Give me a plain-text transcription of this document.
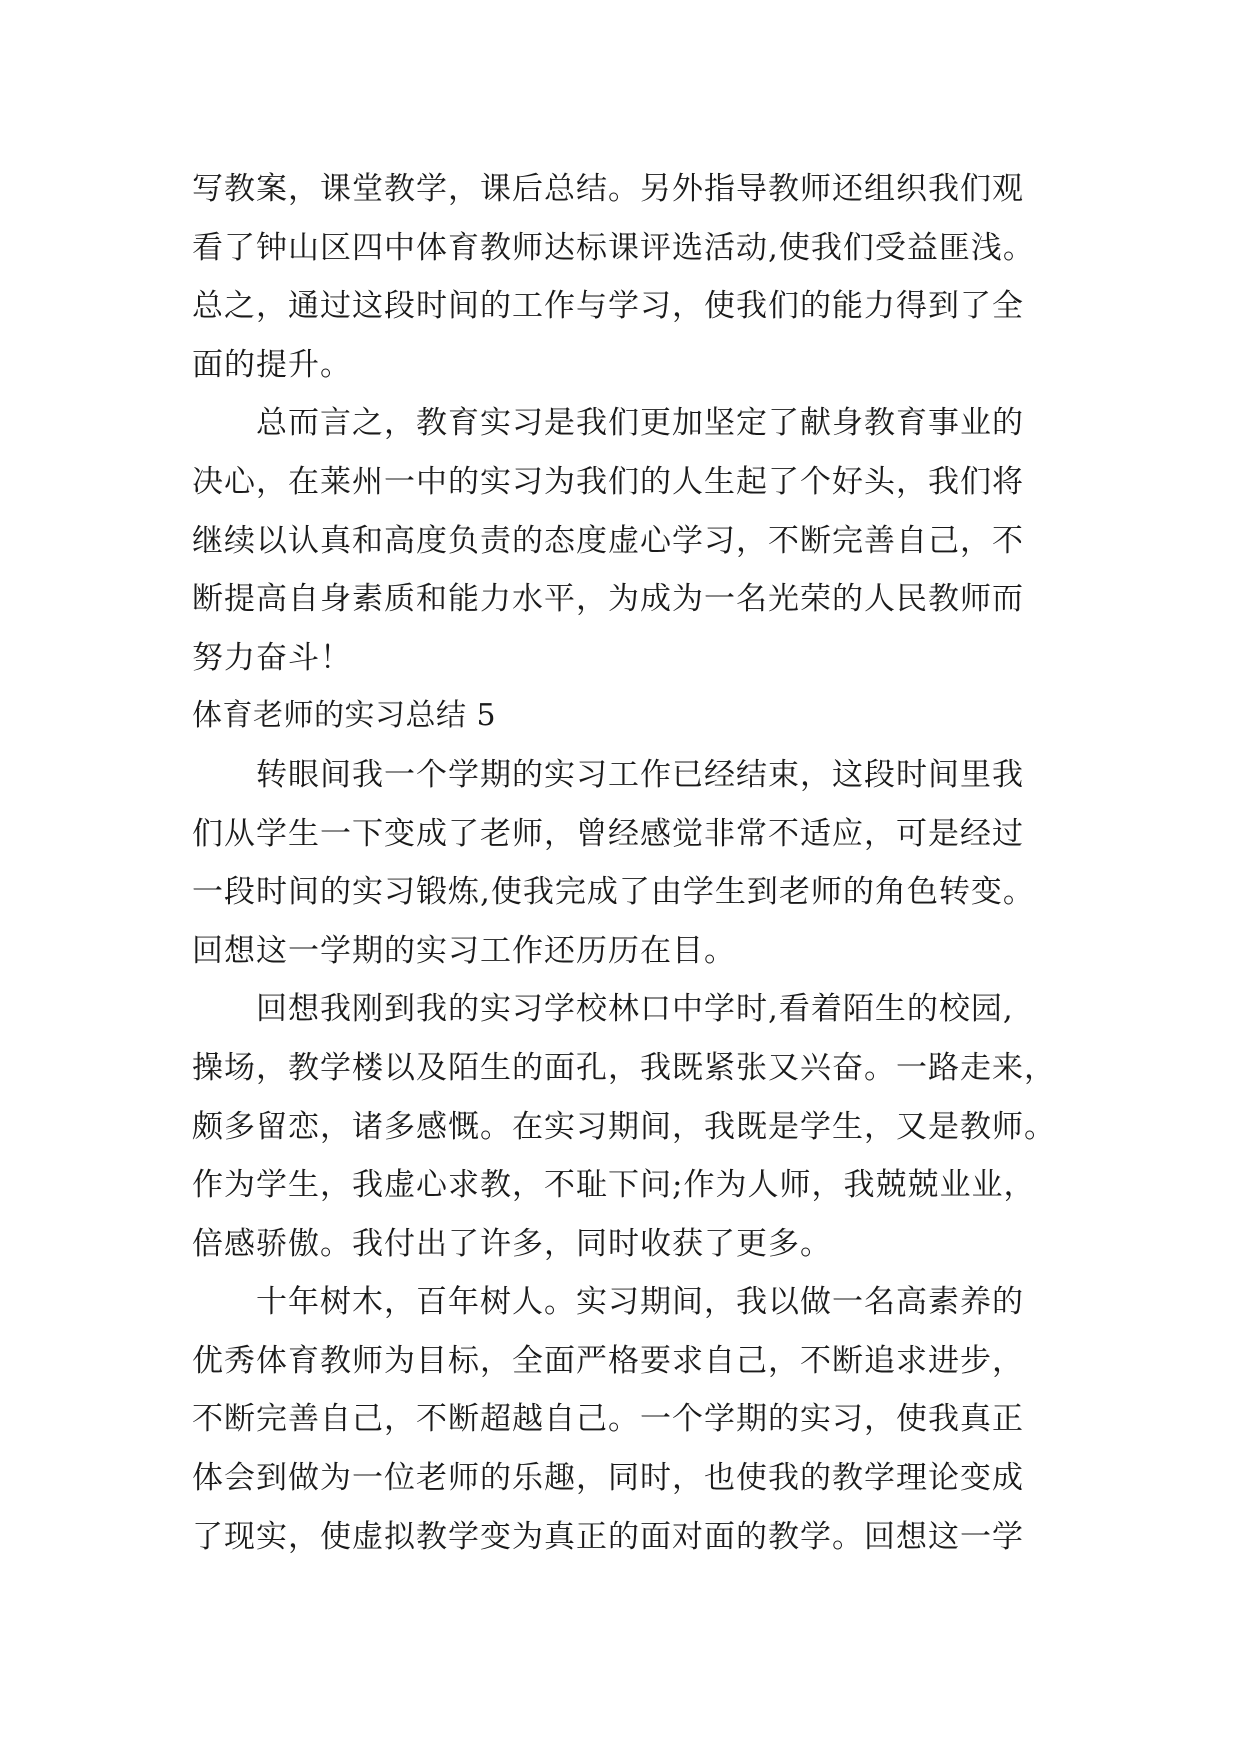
写教案，课堂教学，课后总结。另外指导教师还组织我们观
看了钟山区四中体育教师达标课评选活动,使我们受益匪浅。
总之，通过这段时间的工作与学习，使我们的能力得到了全
面的提升。
　　总而言之，教育实习是我们更加坚定了献身教育事业的
决心，在莱州一中的实习为我们的人生起了个好头，我们将
继续以认真和高度负责的态度虚心学习，不断完善自己，不
断提高自身素质和能力水平，为成为一名光荣的人民教师而
努力奋斗！
体育老师的实习总结 5
　　转眼间我一个学期的实习工作已经结束，这段时间里我
们从学生一下变成了老师，曾经感觉非常不适应，可是经过
一段时间的实习锻炼,使我完成了由学生到老师的角色转变。
回想这一学期的实习工作还历历在目。
　　回想我刚到我的实习学校林口中学时,看着陌生的校园,
操场，教学楼以及陌生的面孔，我既紧张又兴奋。一路走来，
颇多留恋，诸多感慨。在实习期间，我既是学生，又是教师。
作为学生，我虚心求教，不耻下问;作为人师，我兢兢业业，
倍感骄傲。我付出了许多，同时收获了更多。
　　十年树木，百年树人。实习期间，我以做一名高素养的
优秀体育教师为目标，全面严格要求自己，不断追求进步，
不断完善自己，不断超越自己。一个学期的实习，使我真正
体会到做为一位老师的乐趣，同时，也使我的教学理论变成
了现实，使虚拟教学变为真正的面对面的教学。回想这一学
